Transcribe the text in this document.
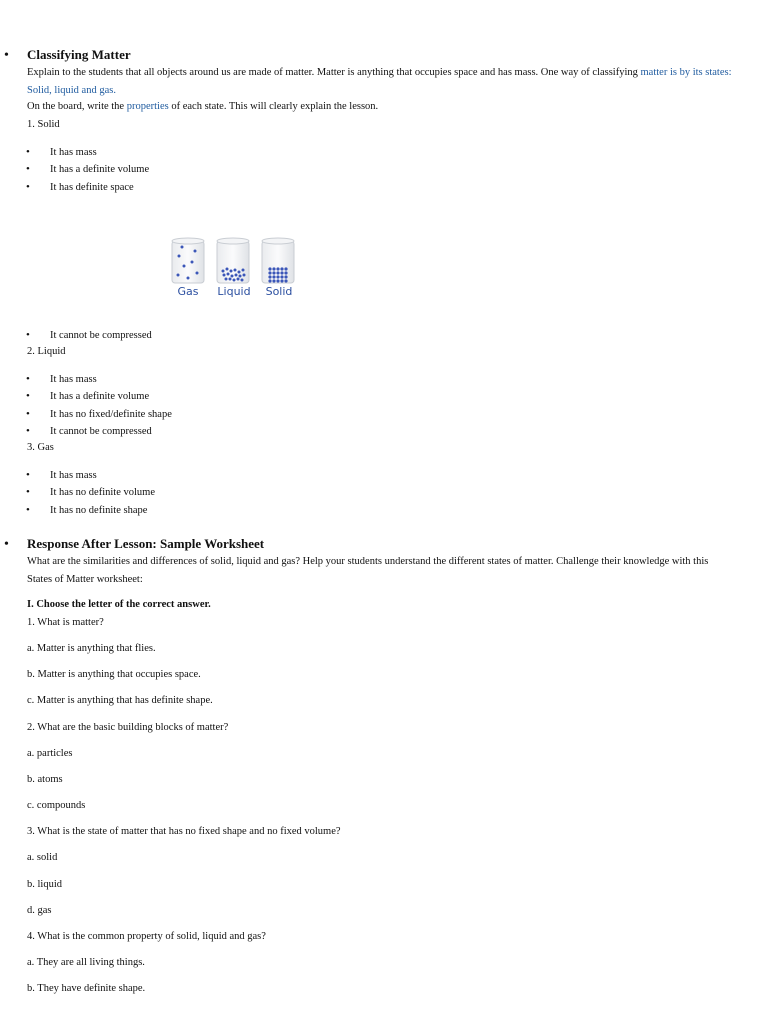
• Classifying Matter
Explain to the students that all objects around us are made of matter. Matter is anything that occupies space and has mass. One way of classifying matter is by its states: Solid, liquid and gas.
On the board, write the properties of each state. This will clearly explain the lesson.
1. Solid
• It has mass
• It has a definite volume
• It has definite space
Gas Liquid Solid
• It cannot be compressed
2. Liquid
• It has mass
• It has a definite volume
• It has no fixed/definite shape
• It cannot be compressed
3. Gas
• It has mass
• It has no definite volume
• It has no definite shape
• Response After Lesson: Sample Worksheet
What are the similarities and differences of solid, liquid and gas? Help your students understand the different states of matter. Challenge their knowledge with this States of Matter worksheet:
I. Choose the letter of the correct answer.
1. What is matter?
a. Matter is anything that flies.
b. Matter is anything that occupies space.
c. Matter is anything that has definite shape.
2. What are the basic building blocks of matter?
a. particles
b. atoms
c. compounds
3. What is the state of matter that has no fixed shape and no fixed volume?
a. solid
b. liquid
d. gas
4. What is the common property of solid, liquid and gas?
a. They are all living things.
b. They have definite shape.
